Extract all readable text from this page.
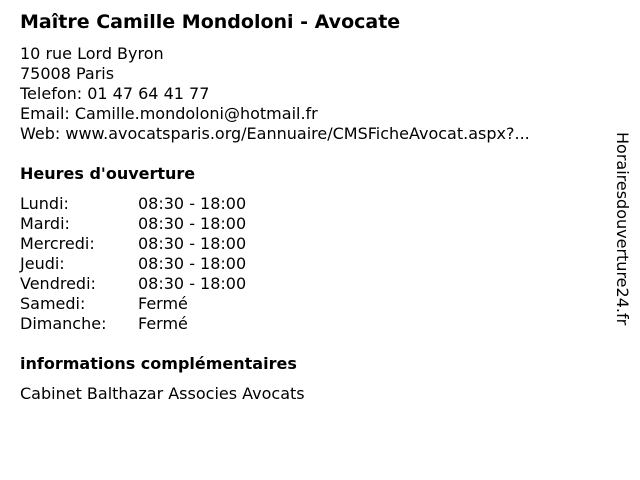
Maître Camille Mondoloni - Avocate
10 rue Lord Byron
75008 Paris
Telefon: 01 47 64 41 77
Email: Camille.mondoloni@hotmail.fr
Web: www.avocatsparis.org/Eannuaire/CMSFicheAvocat.aspx?...
Heures d'ouverture
Lundi:	08:30 - 18:00
Mardi:	08:30 - 18:00
Mercredi:	08:30 - 18:00
Jeudi:	08:30 - 18:00
Vendredi:	08:30 - 18:00
Samedi:	Fermé
Dimanche: Fermé
informations complémentaires
Cabinet Balthazar Associes Avocats
Horairesdouverture24.fr
